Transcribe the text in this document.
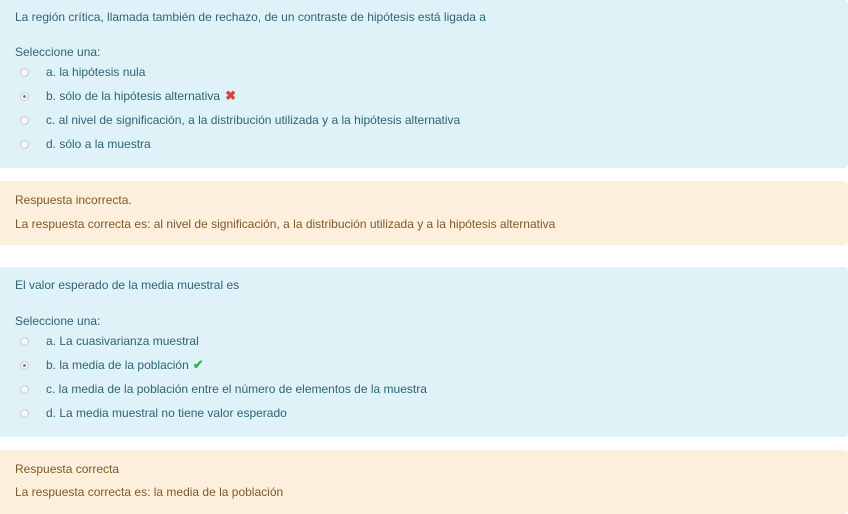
La región crítica, llamada también de rechazo, de un contraste de hipótesis está ligada a
Seleccione una:
a. la hipótesis nula
b. sólo de la hipótesis alternativa ✖
c. al nivel de significación, a la distribución utilizada y a la hipótesis alternativa
d. sólo a la muestra
Respuesta incorrecta.
La respuesta correcta es: al nivel de significación, a la distribución utilizada y a la hipótesis alternativa
El valor esperado de la media muestral es
Seleccione una:
a. La cuasivarianza muestral
b. la media de la población ✔
c. la media de la población entre el número de elementos de la muestra
d. La media muestral no tiene valor esperado
Respuesta correcta
La respuesta correcta es: la media de la población
